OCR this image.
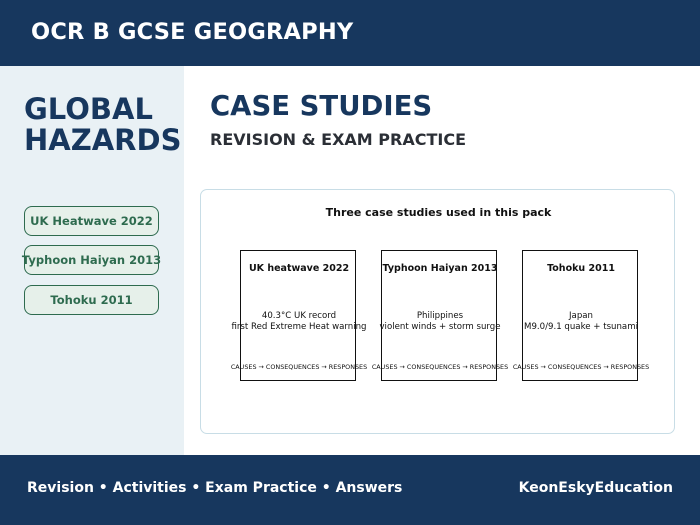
OCR B GCSE GEOGRAPHY
GLOBAL
HAZARDS
UK Heatwave 2022
Typhoon Haiyan 2013
Tohoku 2011
CASE STUDIES
REVISION & EXAM PRACTICE
Three case studies used in this pack
UK heatwave 2022
40.3°C UK record
first Red Extreme Heat warning
CAUSES → CONSEQUENCES → RESPONSES
Typhoon Haiyan 2013
Philippines
violent winds + storm surge
CAUSES → CONSEQUENCES → RESPONSES
Tohoku 2011
Japan
M9.0/9.1 quake + tsunami
CAUSES → CONSEQUENCES → RESPONSES
Revision • Activities • Exam Practice • Answers	KeonEskyEducation
